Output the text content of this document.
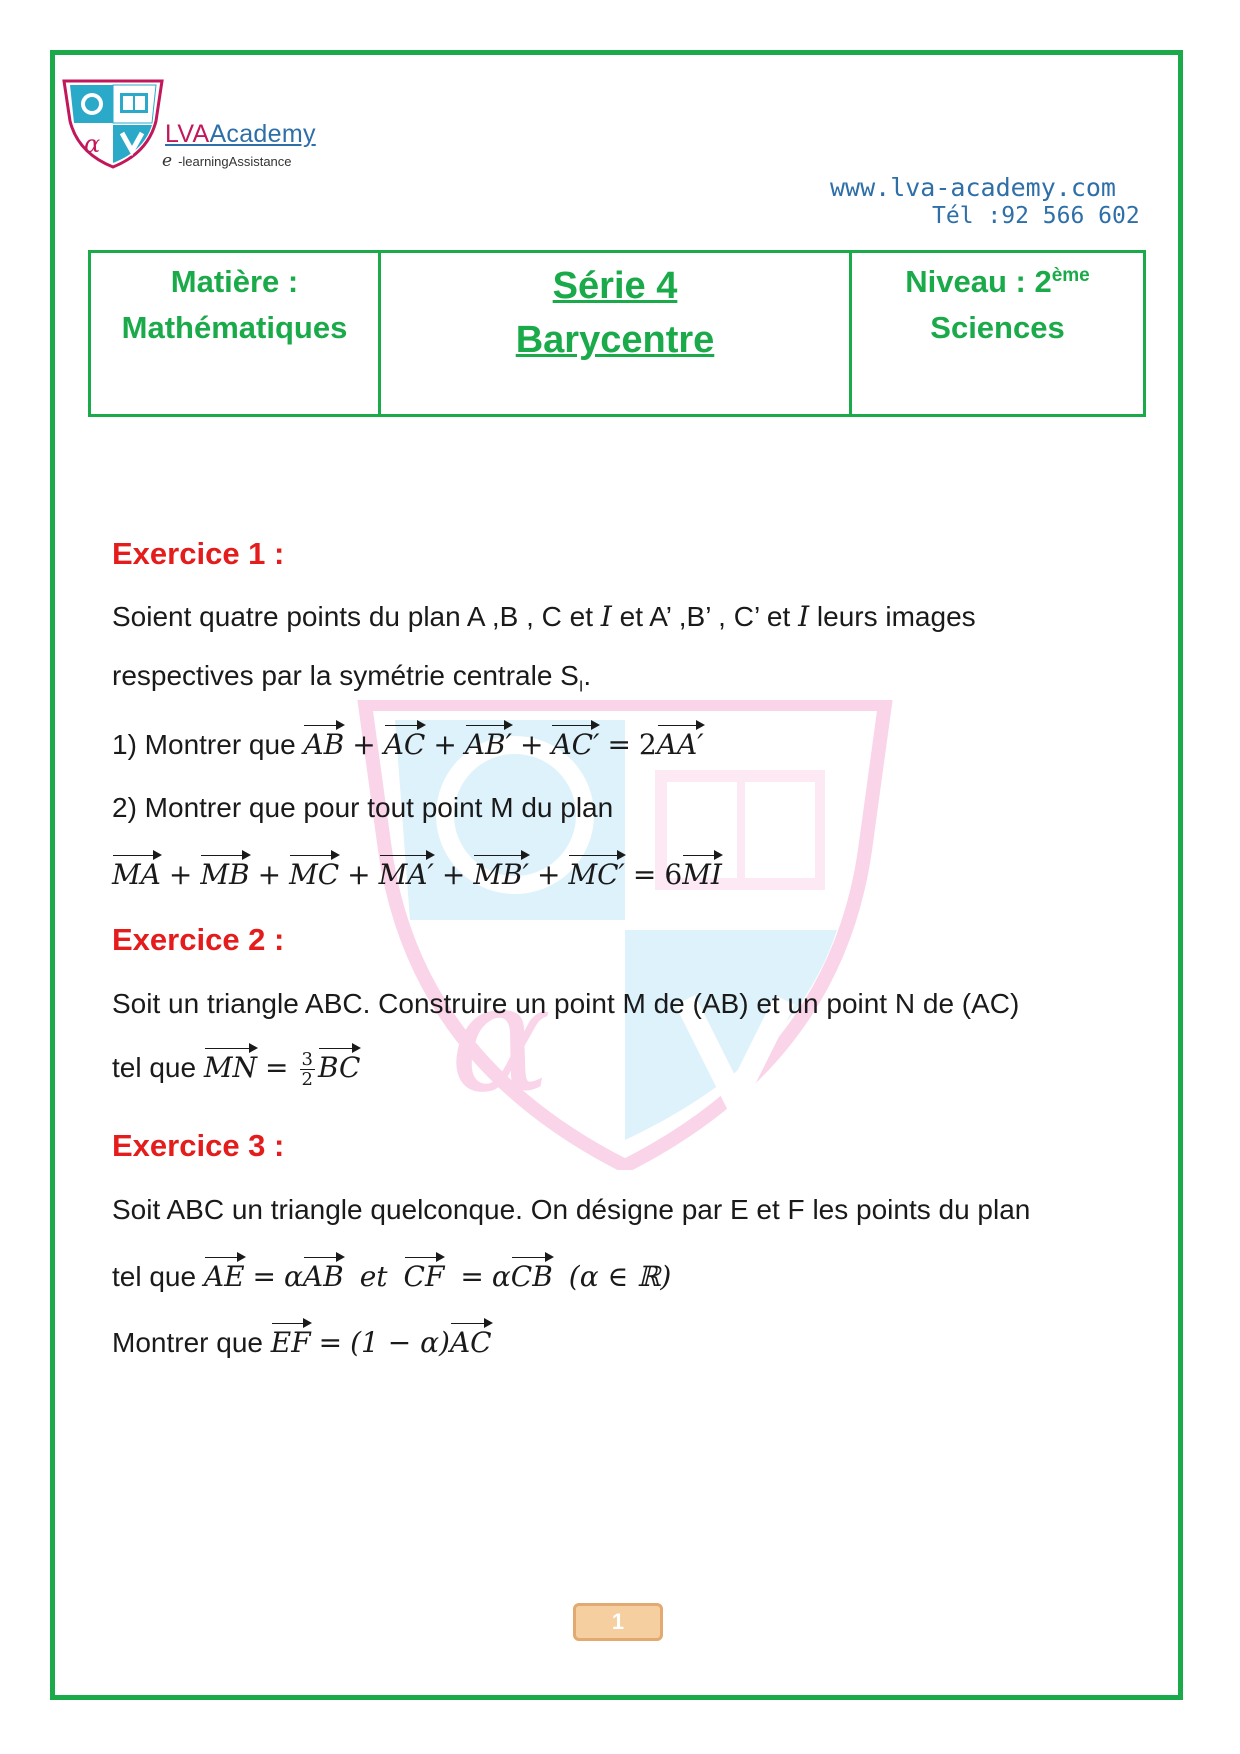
α	LVAAcademy
e -learningAssistance
www.lva-academy.com
Tél :92 566 602
Matière :
Mathématiques
Série 4
Barycentre
Niveau : 2ème
Sciences
α
Exercice 1 :
Soient quatre points du plan A ,B , C et I et A’ ,B’ , C’ et I leurs images
respectives par la symétrie centrale $S_I$.
1) Montrer que AB + AC + AB′ + AC′ = 2AA′
2) Montrer que pour tout point M du plan
MA + MB + MC + MA′ + MB′ + MC′ = 6MI
Exercice 2 :
Soit un triangle ABC. Construire un point M de (AB) et un point N de (AC)
tel que MN = $\frac{3}{2}$ BC
Exercice 3 :
Soit ABC un triangle quelconque. On désigne par E et F les points du plan
tel que AE = αAB et CF = αCB (α ∈ ℝ)
Montrer que EF = (1 − α)AC
1
